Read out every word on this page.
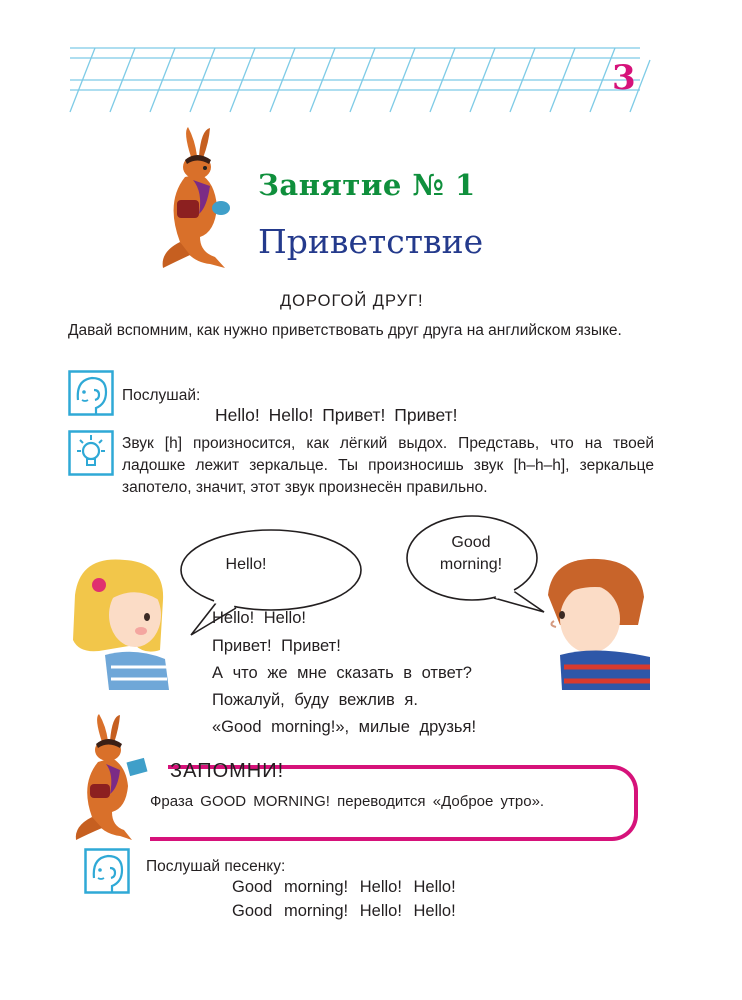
3
Занятие № 1
Приветствие
ДОРОГОЙ ДРУГ!
Давай вспомним, как нужно приветствовать друг друга на английском языке.
Послушай:
Hello! Hello! Привет! Привет!
Звук [h] произносится, как лёгкий выдох. Представь, что на твоей ладошке лежит зеркальце. Ты произносишь звук [h–h–h], зеркальце запотело, значит, этот звук произнесён правильно.
Hello!
Good
morning!
Hello! Hello!
Привет! Привет!
А что же мне сказать в ответ?
Пожалуй, буду вежлив я.
«Good morning!», милые друзья!
ЗАПОМНИ!
Фраза GOOD MORNING! переводится «Доброе утро».
Послушай песенку:
Good morning! Hello! Hello!
Good morning! Hello! Hello!
